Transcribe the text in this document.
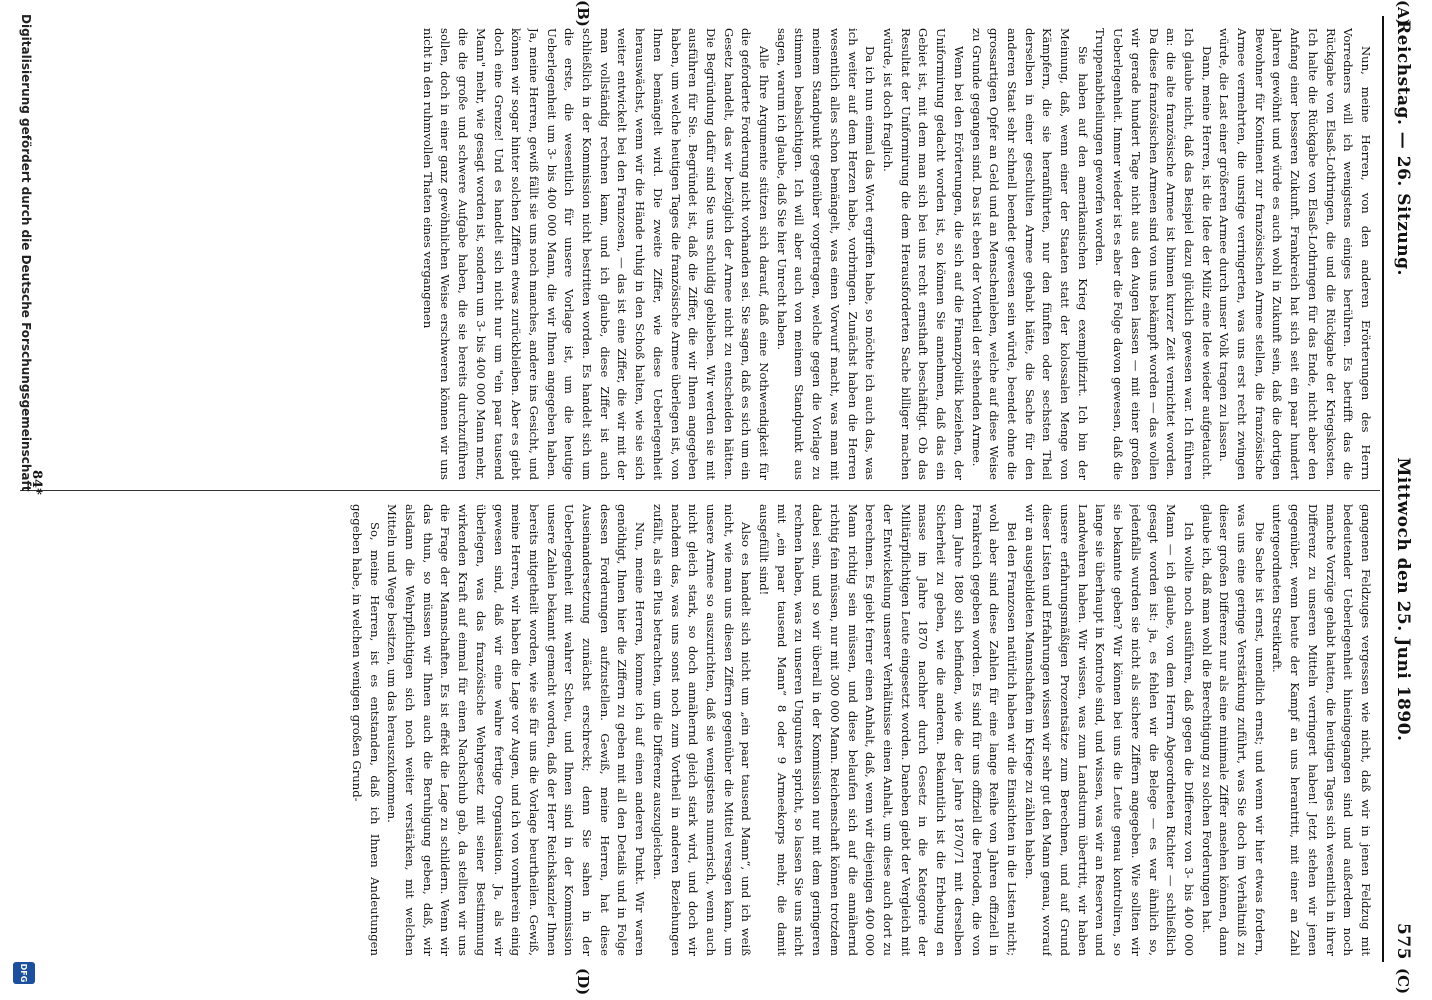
Reichstag. — 26. Sitzung.
Mittwoch den 25. Juni 1890.
575
(A)
(B)
(C)
(D)

Nun, meine Herren, von den anderen Erörterungen des Herrn Vorredners will ich wenigstens einiges berühren. Es betrifft das die Rückgabe von Elsaß-Lothringen, die und die Rückgabe der Kriegskosten. Ich halte die Rückgabe von Elsaß-Lothringen für das Ende, nicht aber den Anfang einer besseren Zukunft. Frankreich hat sich seit ein paar hundert Jahren gewöhnt und würde es auch wohl in Zukunft sein, daß die dortigen Bewohner für Kontinent zur französischen Armee stellen, die französische Armee vermehrten, die unsrige verringerten, was uns erst recht zwingen würde, die Last einer größeren Armee durch unser Volk tragen zu lassen.

Dann, meine Herren, ist die Idee der Miliz eine Idee wieder aufgetaucht. Ich glaube nicht, daß das Beispiel dazu glücklich gewesen war. Ich führen an: die alte französische Armee ist binnen kurzer Zeit vernichtet worden. Da diese französischen Armeen sind von uns bekämpft worden — das wollen wir gerade hundert Tage nicht aus den Augen lassen — mit einer großen Ueberlegenheit. Immer wieder ist es aber die Folge davon gewesen, daß die Truppenabtheilungen geworfen worden.

Sie haben auf den amerikanischen Krieg exemplifizirt. Ich bin der Meinung, daß, wenn einer der Staaten statt der kolossalen Menge von Kämpfern, die sie heranführten, nur den fünften oder sechsten Theil derselben in einer geschulten Armee gehabt hätte, die Sache für den anderen Staat sehr schnell beendet gewesen sein würde, beendet ohne die grossartigen Opfer an Geld und an Menschenleben, welche auf diese Weise zu Grunde gegangen sind. Das ist eben der Vortheil der stehenden Armee.

Wenn bei den Erörterungen, die sich auf die Finanzpolitik beziehen, der Uniformirung gedacht worden ist, so können Sie annehmen, daß das ein Gebiet ist, mit dem man sich bei uns recht ernsthaft beschäftigt. Ob das Resultat der Uniformirung die dem Herausforderten Sache billiger machen würde, ist doch fraglich.

Da ich nun einmal das Wort ergriffen habe, so möchte ich auch das, was ich weiter auf dem Herzen habe, vorbringen. Zunächst haben die Herren wesentlich alles schon bemängelt, was einen Vorwurf macht, was man mit meinem Standpunkt gegenüber vorgetragen, welche gegen die Vorlage zu stimmen beabsichtigen. Ich will aber auch von meinem Standpunkt aus sagen, warum ich glaube, daß Sie hier Unrecht haben.

Alle Ihre Argumente stützen sich darauf, daß eine Nothwendigkeit für die geforderte Forderung nicht vorhanden sei. Sie sagen, daß es sich um ein Gesetz handelt, das wir bezüglich der Armee nicht zu entscheiden hätten. Die Begründung dafür sind Sie uns schuldig geblieben. Wir werden sie mit ausführen für Sie. Begründet ist, daß die Ziffer, die wir Ihnen angegeben haben, um welche heutigen Tages die französische Armee überlegen ist, von Ihnen bemängelt wird. Die zweite Ziffer, wie diese Ueberlegenheit herauswächst, wenn wir die Hände ruhig in den Schoß halten, wie sie sich weiter entwickelt bei den Franzosen, — das ist eine Ziffer, die wir mit der man vollständig rechnen kann, und ich glaube, diese Ziffer ist auch schließlich in der Kommission nicht bestritten worden. Es handelt sich um die erste, die wesentlich für unsere Vorlage ist, um die heutige Ueberlegenheit um 3- bis 400 000 Mann, die wir Ihnen angegeben haben. Ja, meine Herren, gewiß fällt sie uns noch manches, andere ins Gesicht, und können wir sogar hinter solchen Ziffern etwas zurückbleiben. Aber es giebt doch eine Grenze! Und es handelt sich nicht nur um "ein paar tausend Mann" mehr, wie gesagt worden ist, sondern um 3- bis 400 000 Mann mehr, die die große und schwere Aufgabe haben, die sie bereits durchzuführen sollen, doch in einer ganz gewöhnlichen Weise erschweren können wir uns nicht in den ruhmvollen Thaten eines vergangenen

gangenen Feldzuges vergessen wie nicht, daß wir in jenen Feldzug mit bedeutender Ueberlegenheit hineingegangen sind und außerdem noch manche Vorzüge gehabt hatten, die heutigen Tages sich wesentlich in ihrer Differenz zu unseren Mitteln verringert haben! Jetzt stehen wir jenen gegenüber, wenn heute der Kampf an uns herantritt, mit einer an Zahl untergeordneten Streitkraft.

Die Sache ist ernst, unendlich ernst; und wenn wir hier etwas fordern, was uns eine geringe Verstärkung zuführt, was Sie doch im Verhältniß zu dieser großen Differenz nur als eine minimale Ziffer ansehen können, dann glaube ich, daß man wohl die Berechtigung zu solchen Forderungen hat.

Ich wollte noch ausführen, daß gegen die Differenz von 3- bis 400 000 Mann — ich glaube, von dem Herrn Abgeordneten Richter — schließlich gesagt worden ist: ja, es fehlen wir die Belege — es war ähnlich so, jedenfalls wurden sie nicht als sichere Ziffern angegeben. Wie sollten wir sie bekannte geben? Wir können bei uns die Leute genau kontroliren, so lange sie überhaupt in Kontrole sind, und wissen, was wir an Reserven und Landwehren haben. Wir wissen, was zum Landsturm übertritt, wir haben unsere erfahrungsmäßigen Prozentsätze zum Berechnen, und auf Grund dieser Listen und Erfahrungen wissen wir sehr gut den Mann genau, worauf wir an ausgebildeten Mannschaften im Kriege zu zählen haben.

Bei den Franzosen natürlich haben wir die Einsichten in die Listen nicht; wohl aber sind diese Zahlen für eine lange Reihe von Jahren offiziell in Frankreich gegeben worden. Es sind für uns offiziell die Perioden, die von dem Jahre 1880 sich befinden, wie die der Jahre 1870/71 mit derselben Sicherheit zu geben, wie die anderen. Bekanntlich ist die Erhebung en masse im Jahre 1870 nachher durch Gesetz in die Kategorie der Militärpflichtigen Leute eingesetzt worden. Daneben giebt der Vergleich mit der Entwickelung unserer Verhältnisse einen Anhalt, um diese auch dort zu berechnen. Es giebt ferner einen Anhalt, daß, wenn wir diejenigen 400 000 Mann richtig sein müssen, und diese belaufen sich auf die annähernd richtig fein müssen, nur mit 300 000 Mann. Reichenschaft können trotzdem dabei sein, und so wir überall in der Kommission nur mit dem geringeren rechnen haben, was zu unseren Ungunsten spricht, so lassen Sie uns nicht mit „ein paar tausend Mann“ 8 oder 9 Armeekorps mehr, die damit ausgefüllt sind!

Also es handelt sich nicht um „ein paar tausend Mann“, und ich weiß nicht, wie man uns diesen Ziffern gegenüber die Mittel versagen kann, um unsere Armee so auszurichten, daß sie wenigstens numerisch, wenn auch nicht gleich stark, so doch annähernd gleich stark wird, und doch wir nachdem das, was uns sonst noch zum Vortheil in anderen Beziehungen zufällt, als ein Plus betrachten, um die Differenz auszugleichen.

Nun, meine Herren, komme ich auf einen anderen Punkt. Wir waren genöthigt, Ihnen hier die Ziffern zu geben mit all den Details und in Folge dessen Forderungen aufzustellen. Gewiß, meine Herren, hat diese Auseinandersetzung zunächst erschreckt; denn Sie sahen in der Ueberlegenheit mit wahrer Scheu, und Ihnen sind in der Kommission unsere Zahlen bekannt gemacht worden, daß der Herr Reichskanzler Ihnen bereits mitgetheilt worden, wie sie für uns die Vorlage beurtheilen. Gewiß, meine Herren, wir haben die Lage vor Augen, und ich von vornherein einig gewesen sind, daß wir eine wahre fertige Organisation. Ja, als wir überlegen, was das französische Wehrgesetz mit seiner Bestimmung wirkenden Kraft auf einmal für einen Nachschub gab, da stellten wir uns die Frage der Mannschaften. Es ist effekt die Lage zu schildern. Wenn wir das thun, so müssen wir Ihnen auch die Beruhigung geben, daß, wir alsdann die Wehrpflichtigen sich noch weiter verstärken, mit welchen Mitteln und Wege besitzen, um das herauszukommen.

So, meine Herren, ist es entstanden, daß ich Ihnen Andeutungen gegeben habe, in welchen wenigen großen Grund-

84*
Digitalisierung gefördert durch die Deutsche Forschungsgemeinschaft
DFG
